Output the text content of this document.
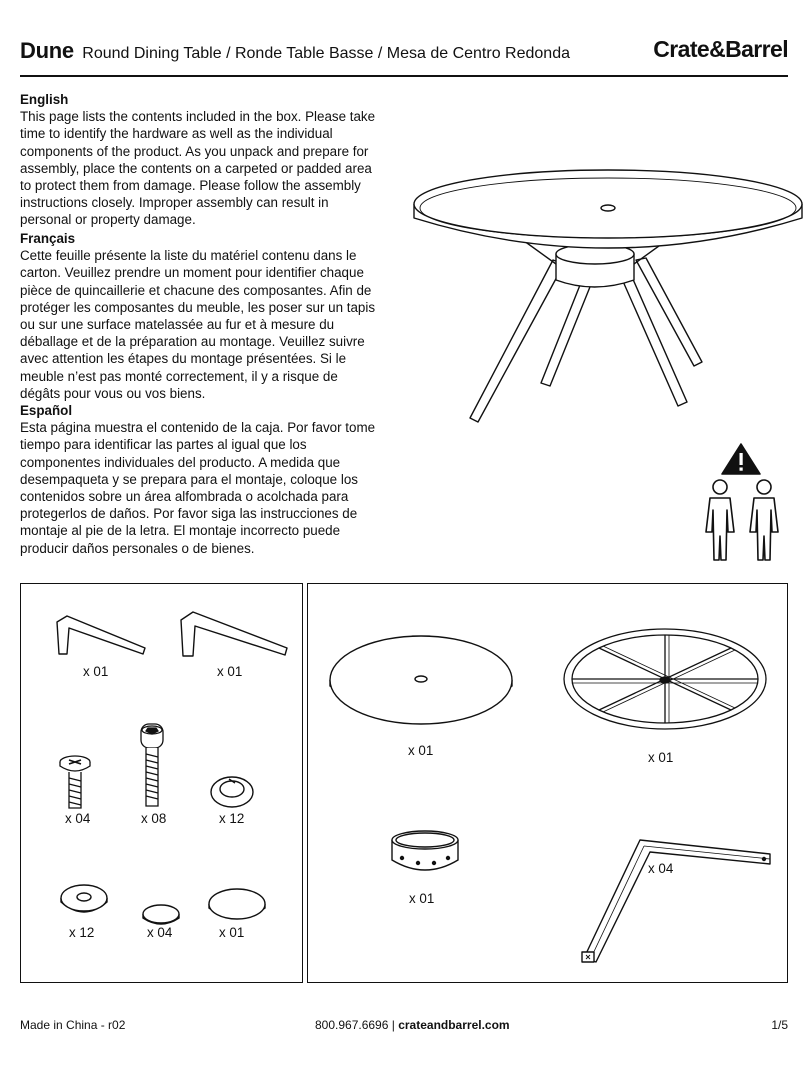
Dune Round Dining Table / Ronde Table Basse / Mesa de Centro Redonda	Crate&Barrel
English

This page lists the contents included in the box. Please take time to identify the hardware as well as the individual components of the product. As you unpack and prepare for assembly, place the contents on a carpeted or padded area to protect them from damage. Please follow the assembly instructions closely. Improper assembly can result in personal or property damage.

Français

Cette feuille présente la liste du matériel contenu dans le carton. Veuillez prendre un moment pour identifier chaque pièce de quincaillerie et chacune des composantes. Afin de protéger les composantes du meuble, les poser sur un tapis ou sur une surface matelassée au fur et à mesure du déballage et de la préparation au montage. Veuillez suivre avec attention les étapes du montage présentées. Si le meuble n’est pas monté correctement, il y a risque de dégâts pour vous ou vos biens.

Español

Esta página muestra el contenido de la caja. Por favor tome tiempo para identificar las partes al igual que los componentes individuales del producto. A medida que desempaqueta y se prepara para el montaje, coloque los contenidos sobre un área alfombrada o acolchada para protegerlos de daños. Por favor siga las instrucciones de montaje al pie de la letra. El montaje incorrecto puede producir daños personales o de bienes.

x 01	x 01
x 04	x 08	x 12
x 12	x 04	x 01
x 01	x 01
x 01
x 04
Made in China - r02	800.967.6696 | crateandbarrel.com	1/5
